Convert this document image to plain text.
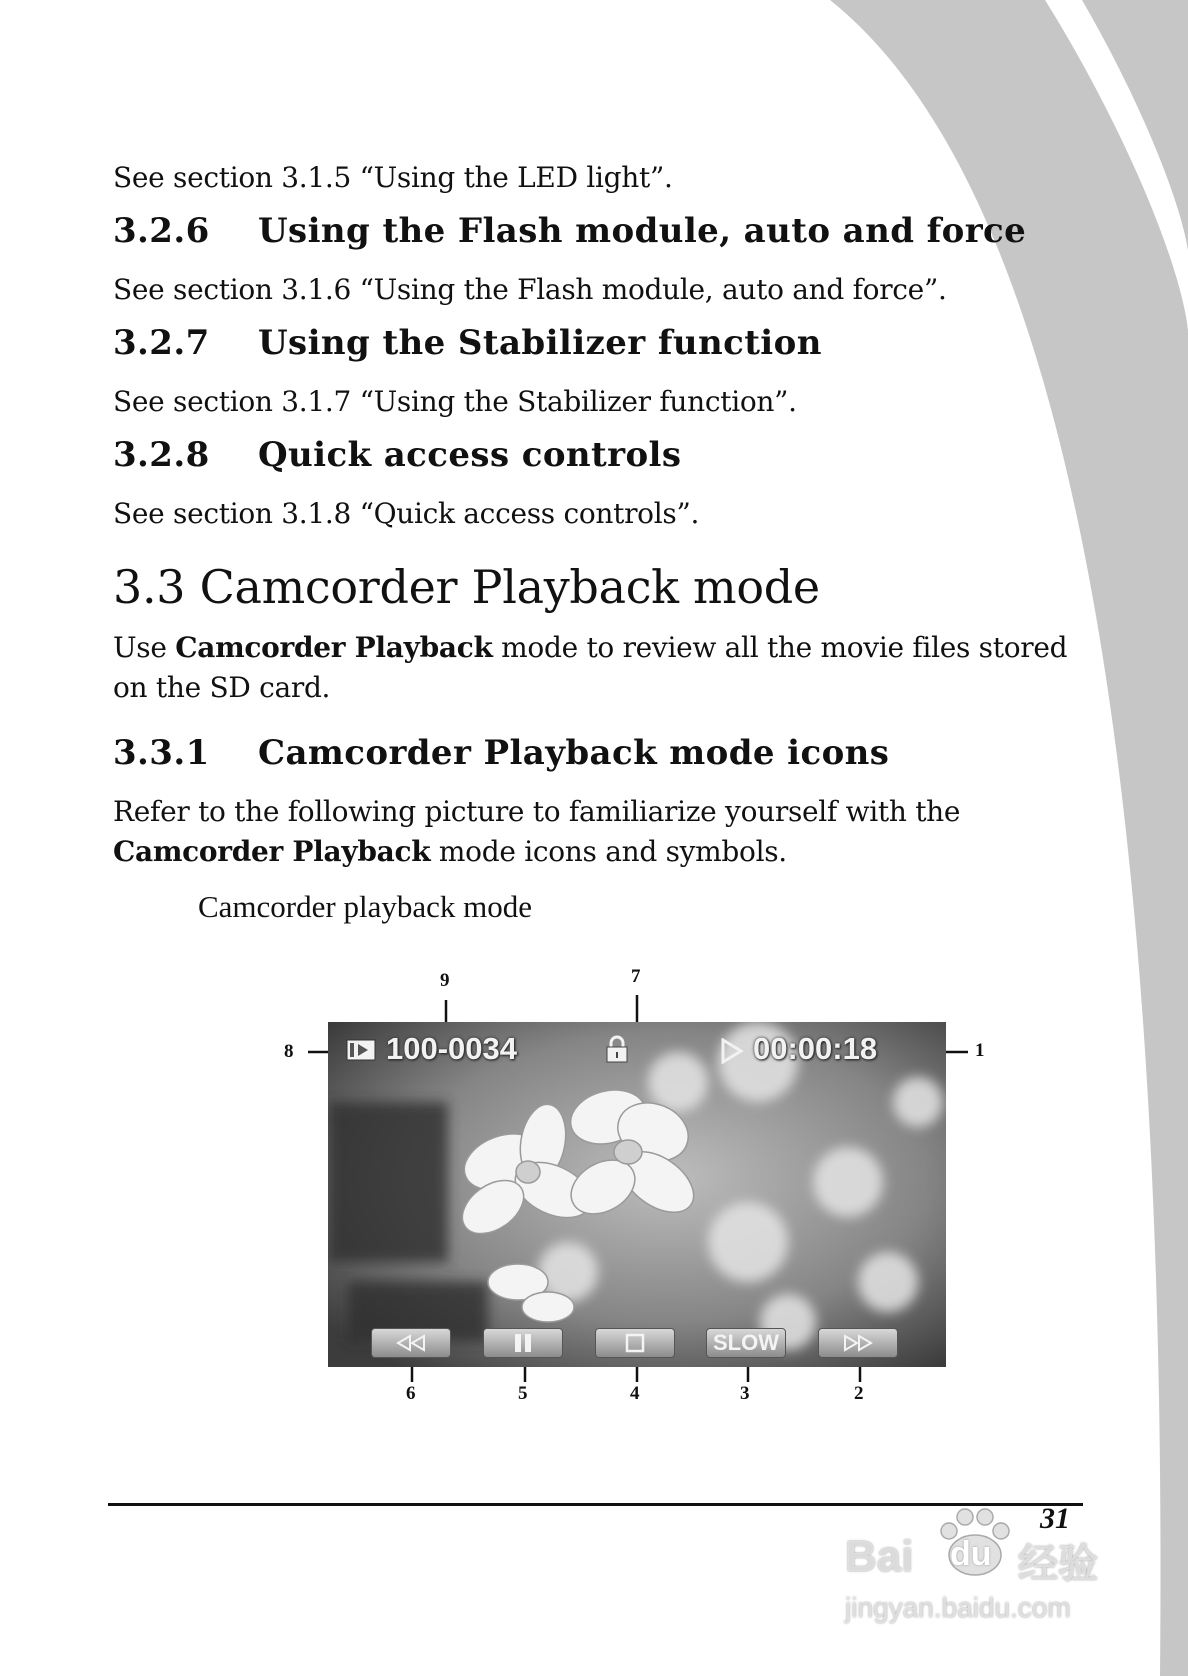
See section 3.1.5 “Using the LED light”.

3.2.6 Using the Flash module, auto and force

See section 3.1.6 “Using the Flash module, auto and force”.

3.2.7 Using the Stabilizer function

See section 3.1.7 “Using the Stabilizer function”.

3.2.8 Quick access controls

See section 3.1.8 “Quick access controls”.

3.3 Camcorder Playback mode

Use Camcorder Playback mode to review all the movie files stored

on the SD card.

3.3.1 Camcorder Playback mode icons

Refer to the following picture to familiarize yourself with the

Camcorder Playback mode icons and symbols.

Camcorder playback mode
9	7
8	1
6	5	4	3	2
100-0034	00:00:18
SLOW
31
Bai du 经验
jingyan.baidu.com
